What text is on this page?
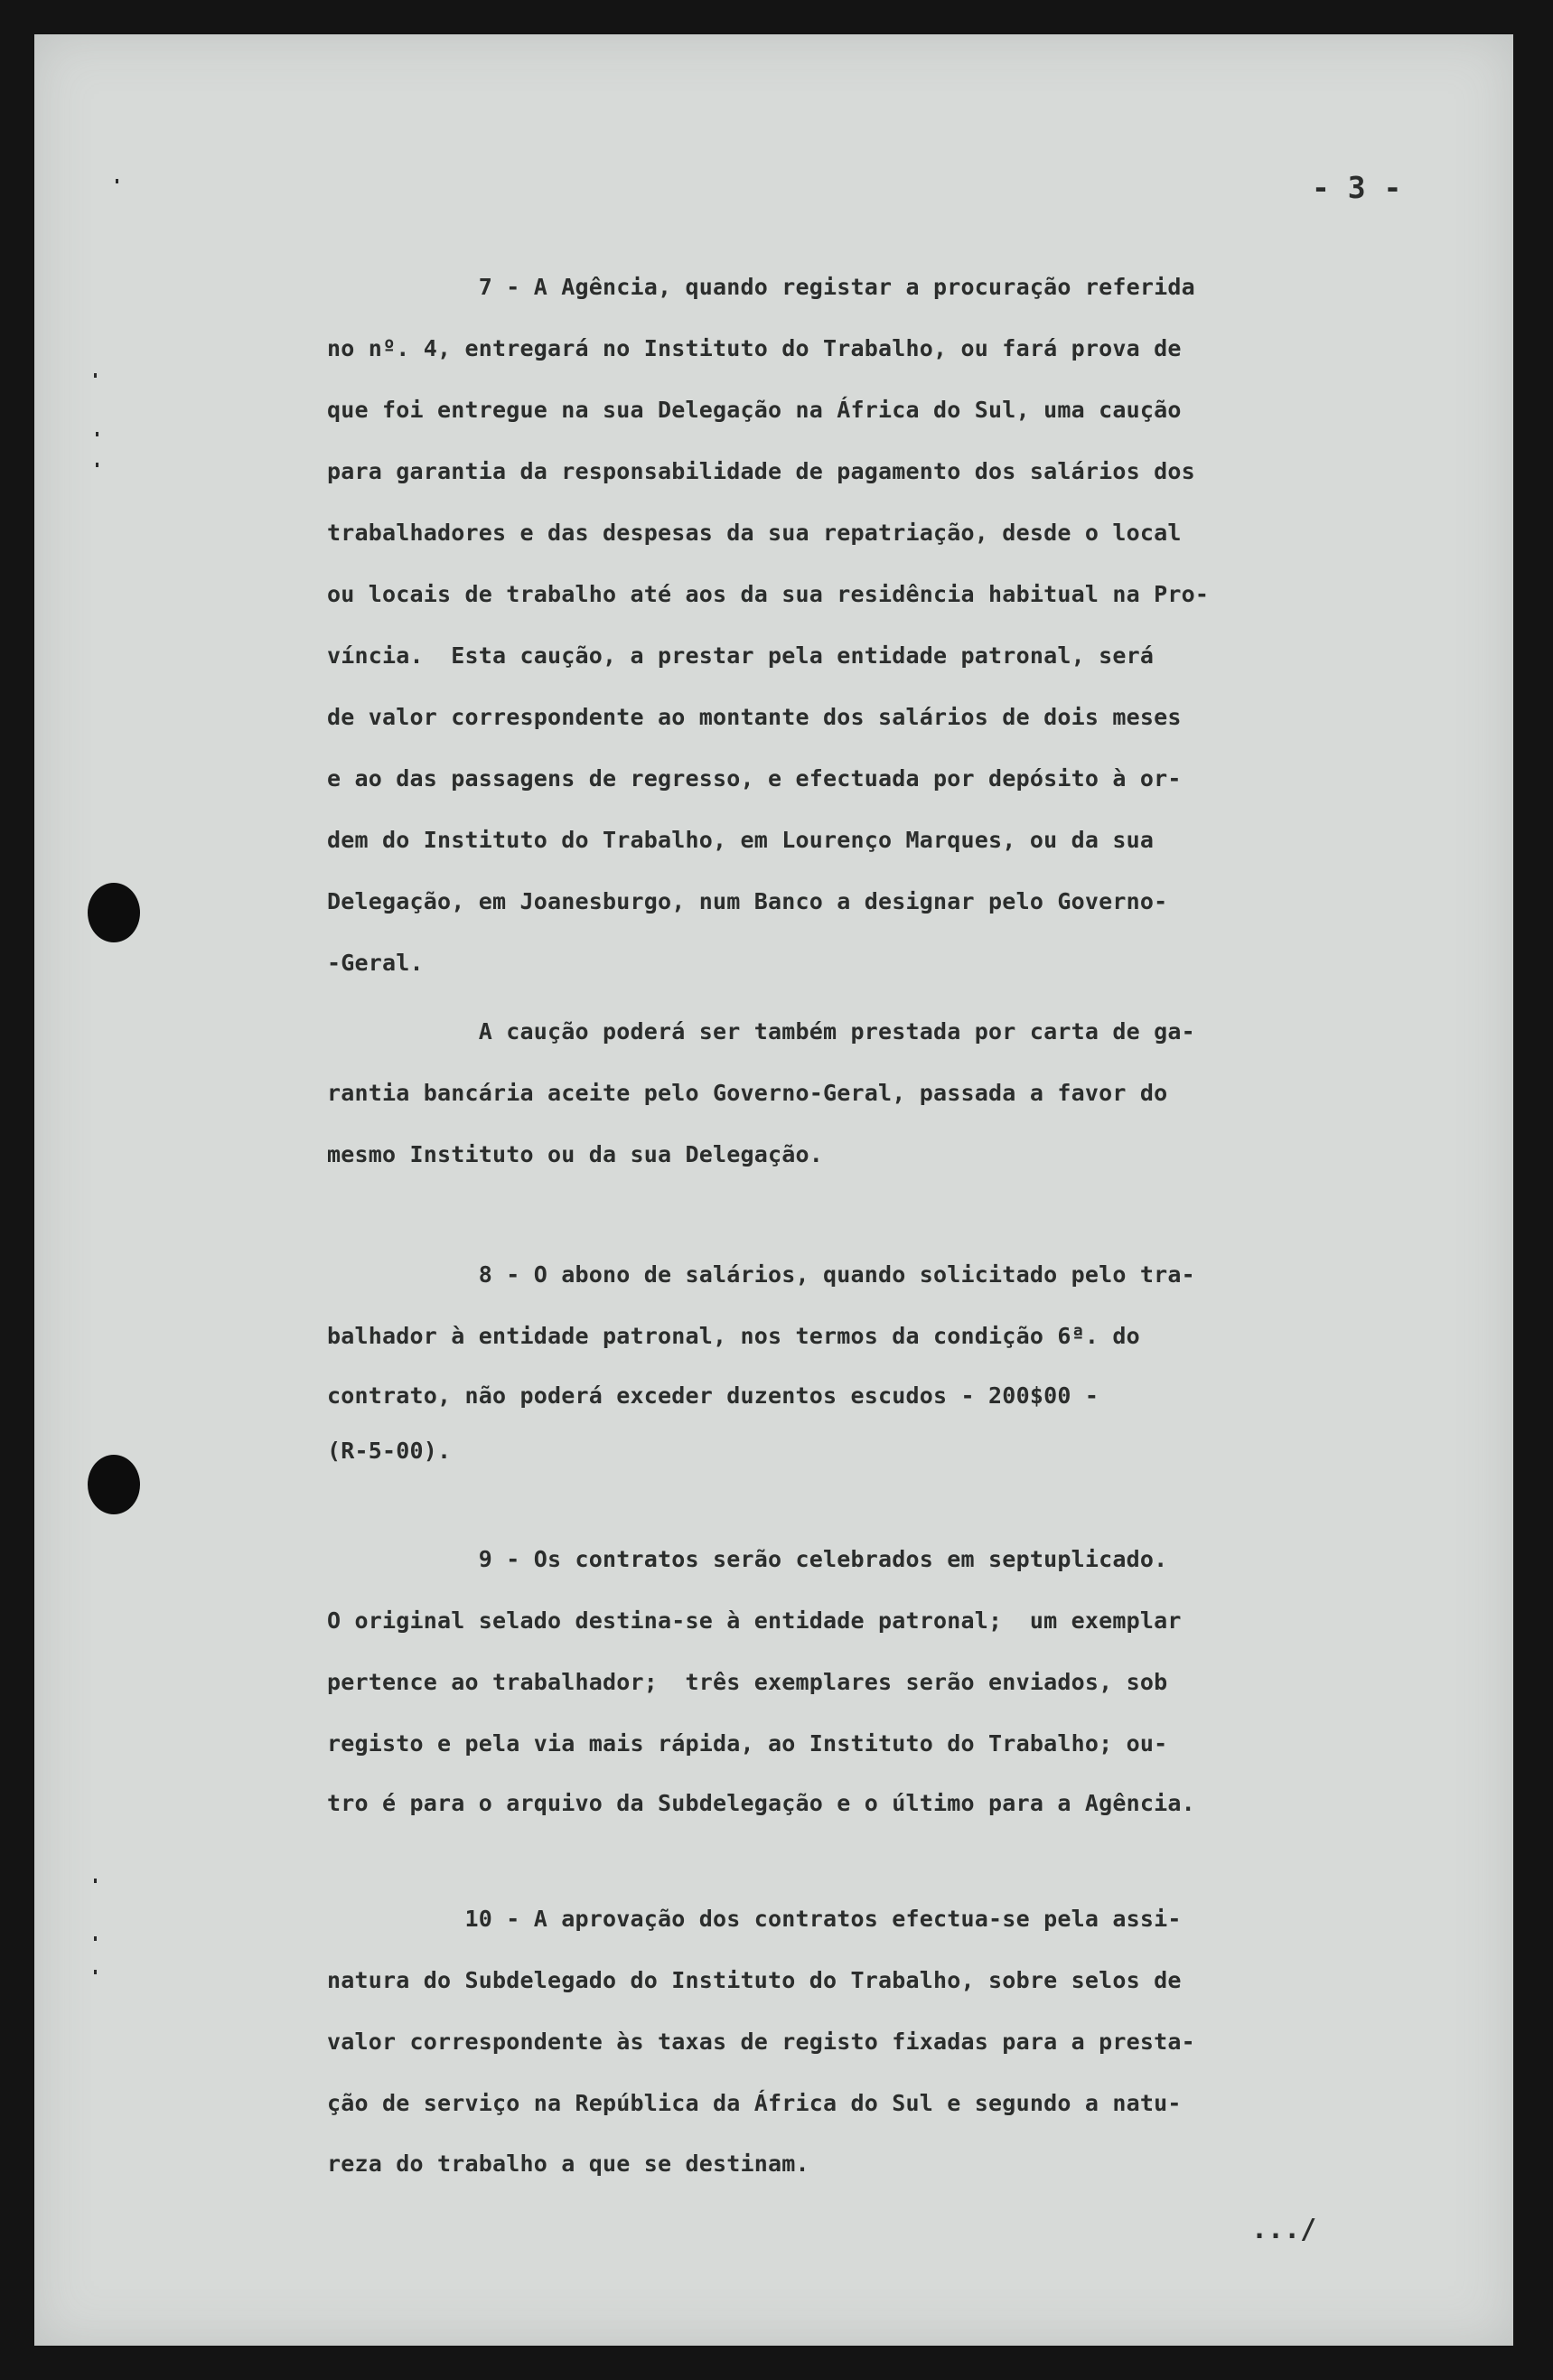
- 3 -
7 - A Agência, quando registar a procuração referida
no nº. 4, entregará no Instituto do Trabalho, ou fará prova de
que foi entregue na sua Delegação na África do Sul, uma caução
para garantia da responsabilidade de pagamento dos salários dos
trabalhadores e das despesas da sua repatriação, desde o local
ou locais de trabalho até aos da sua residência habitual na Pro-
víncia.  Esta caução, a prestar pela entidade patronal, será
de valor correspondente ao montante dos salários de dois meses
e ao das passagens de regresso, e efectuada por depósito à or-
dem do Instituto do Trabalho, em Lourenço Marques, ou da sua
Delegação, em Joanesburgo, num Banco a designar pelo Governo-
-Geral.
A caução poderá ser também prestada por carta de ga-
rantia bancária aceite pelo Governo-Geral, passada a favor do
mesmo Instituto ou da sua Delegação.
8 - O abono de salários, quando solicitado pelo tra-
balhador à entidade patronal, nos termos da condição 6ª. do
contrato, não poderá exceder duzentos escudos - 200$00 -
(R-5-00).
9 - Os contratos serão celebrados em septuplicado.
O original selado destina-se à entidade patronal;  um exemplar
pertence ao trabalhador;  três exemplares serão enviados, sob
registo e pela via mais rápida, ao Instituto do Trabalho; ou-
tro é para o arquivo da Subdelegação e o último para a Agência.
10 - A aprovação dos contratos efectua-se pela assi-
natura do Subdelegado do Instituto do Trabalho, sobre selos de
valor correspondente às taxas de registo fixadas para a presta-
ção de serviço na República da África do Sul e segundo a natu-
reza do trabalho a que se destinam.
.../
